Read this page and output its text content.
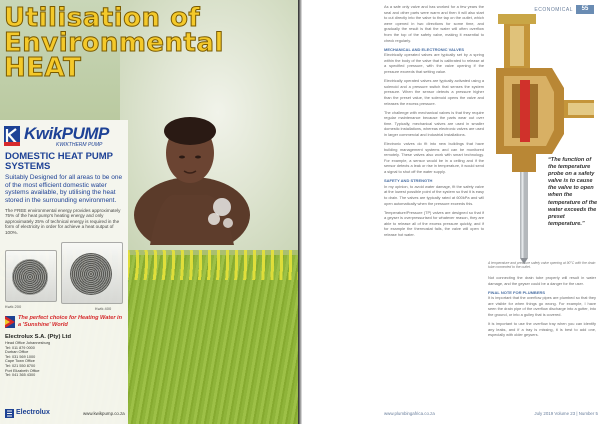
Utilisation of
Environmental
HEAT
KwikPUMP
KWIKTHERM PUMP
DOMESTIC HEAT PUMP SYSTEMS
Suitably Designed for all areas to be one of the most efficient domestic water systems available, by utilising the heat stored in the surrounding environment.
The FREE environmental energy provides approximately 75% of the heat pump's heating energy and only approximately 25% of technical energy is required in the form of electricity in order for achieve a heat output of 100%.
Kwik 200	Kwik 400
The perfect choice for Heating Water in a 'Sunshine' World
Electrolux S.A. (Pty) Ltd
Head Office Johannesburg
Tel: 011 879 0000
Durban Office
Tel: 031 569 1000
Cape Town Office
Tel: 021 550 8700
Port Elizabeth Office
Tel: 041 365 4300
Electrolux	www.kwikpump.co.za
ECONOMICAL	55

As a safe only valve and has worked for a few years the seal and other parts were warm and then it will also start to cut directly into the valve to the tap on the outlet, which were opened in two directions for some time, and gradually the result is that the water will often overflow from the top of the safety valve, making it essential to check regularly.

MECHANICAL AND ELECTRONIC VALVES

Electrically operated valves are typically set by a spring within the body of the valve that is calibrated to release at a specified pressure, with the valve opening if the pressure exceeds that setting value.

Electrically operated valves are typically activated using a solenoid and a pressure switch that senses the system pressure. When the sensor detects a pressure higher than the preset value, the solenoid opens the valve and releases the excess pressure.

The challenge with mechanical valves is that they require regular maintenance because the parts wear out over time. Typically, mechanical valves are used in smaller domestic installations, whereas electronic valves are used in larger commercial and industrial installations.

Electronic valves do fit into new buildings that have building management systems and can be monitored remotely. These valves also work with smart technology. For example, a sensor would be in a ceiling and if the sensor detects a leak or rise in temperature, it would send a signal to shut off the water supply.

SAFETY AND STRENGTH

In my opinion, to avoid water damage, fit the safety valve at the lowest possible point of the system so that it is easy to drain. The valves are typically rated at 600kPa and will open automatically when the pressure exceeds this.

Temperature/Pressure (TP) valves are designed so that if a geyser is overpressurised for whatever reason, they are able to release all of the excess pressure quickly, and if for example the thermostat fails, the valve will open to release hot water.

“The function of the temperature probe on a safety valve is to cause the valve to open when the temperature of the water exceeds the preset temperature.”
A temperature and pressure safety valve opening at 90°C with the drain tube connected to the outlet.

Not connecting the drain tube properly will result in water damage, and the geyser could be a danger for the user.

FINAL NOTE FOR PLUMBERS

It is important that the overflow pipes are plumbed so that they are visible for when things go wrong. For example, I have seen the drain pipe of the overflow discharge into a gutter, into the ground, or into a gulley that is covered.

It is important to use the overflow tray when you can identify any leaks, and if a tray is missing, it is best to add one, especially with older geysers.

www.plumbingafrica.co.za	July 2019 Volume 23 | Number 5
